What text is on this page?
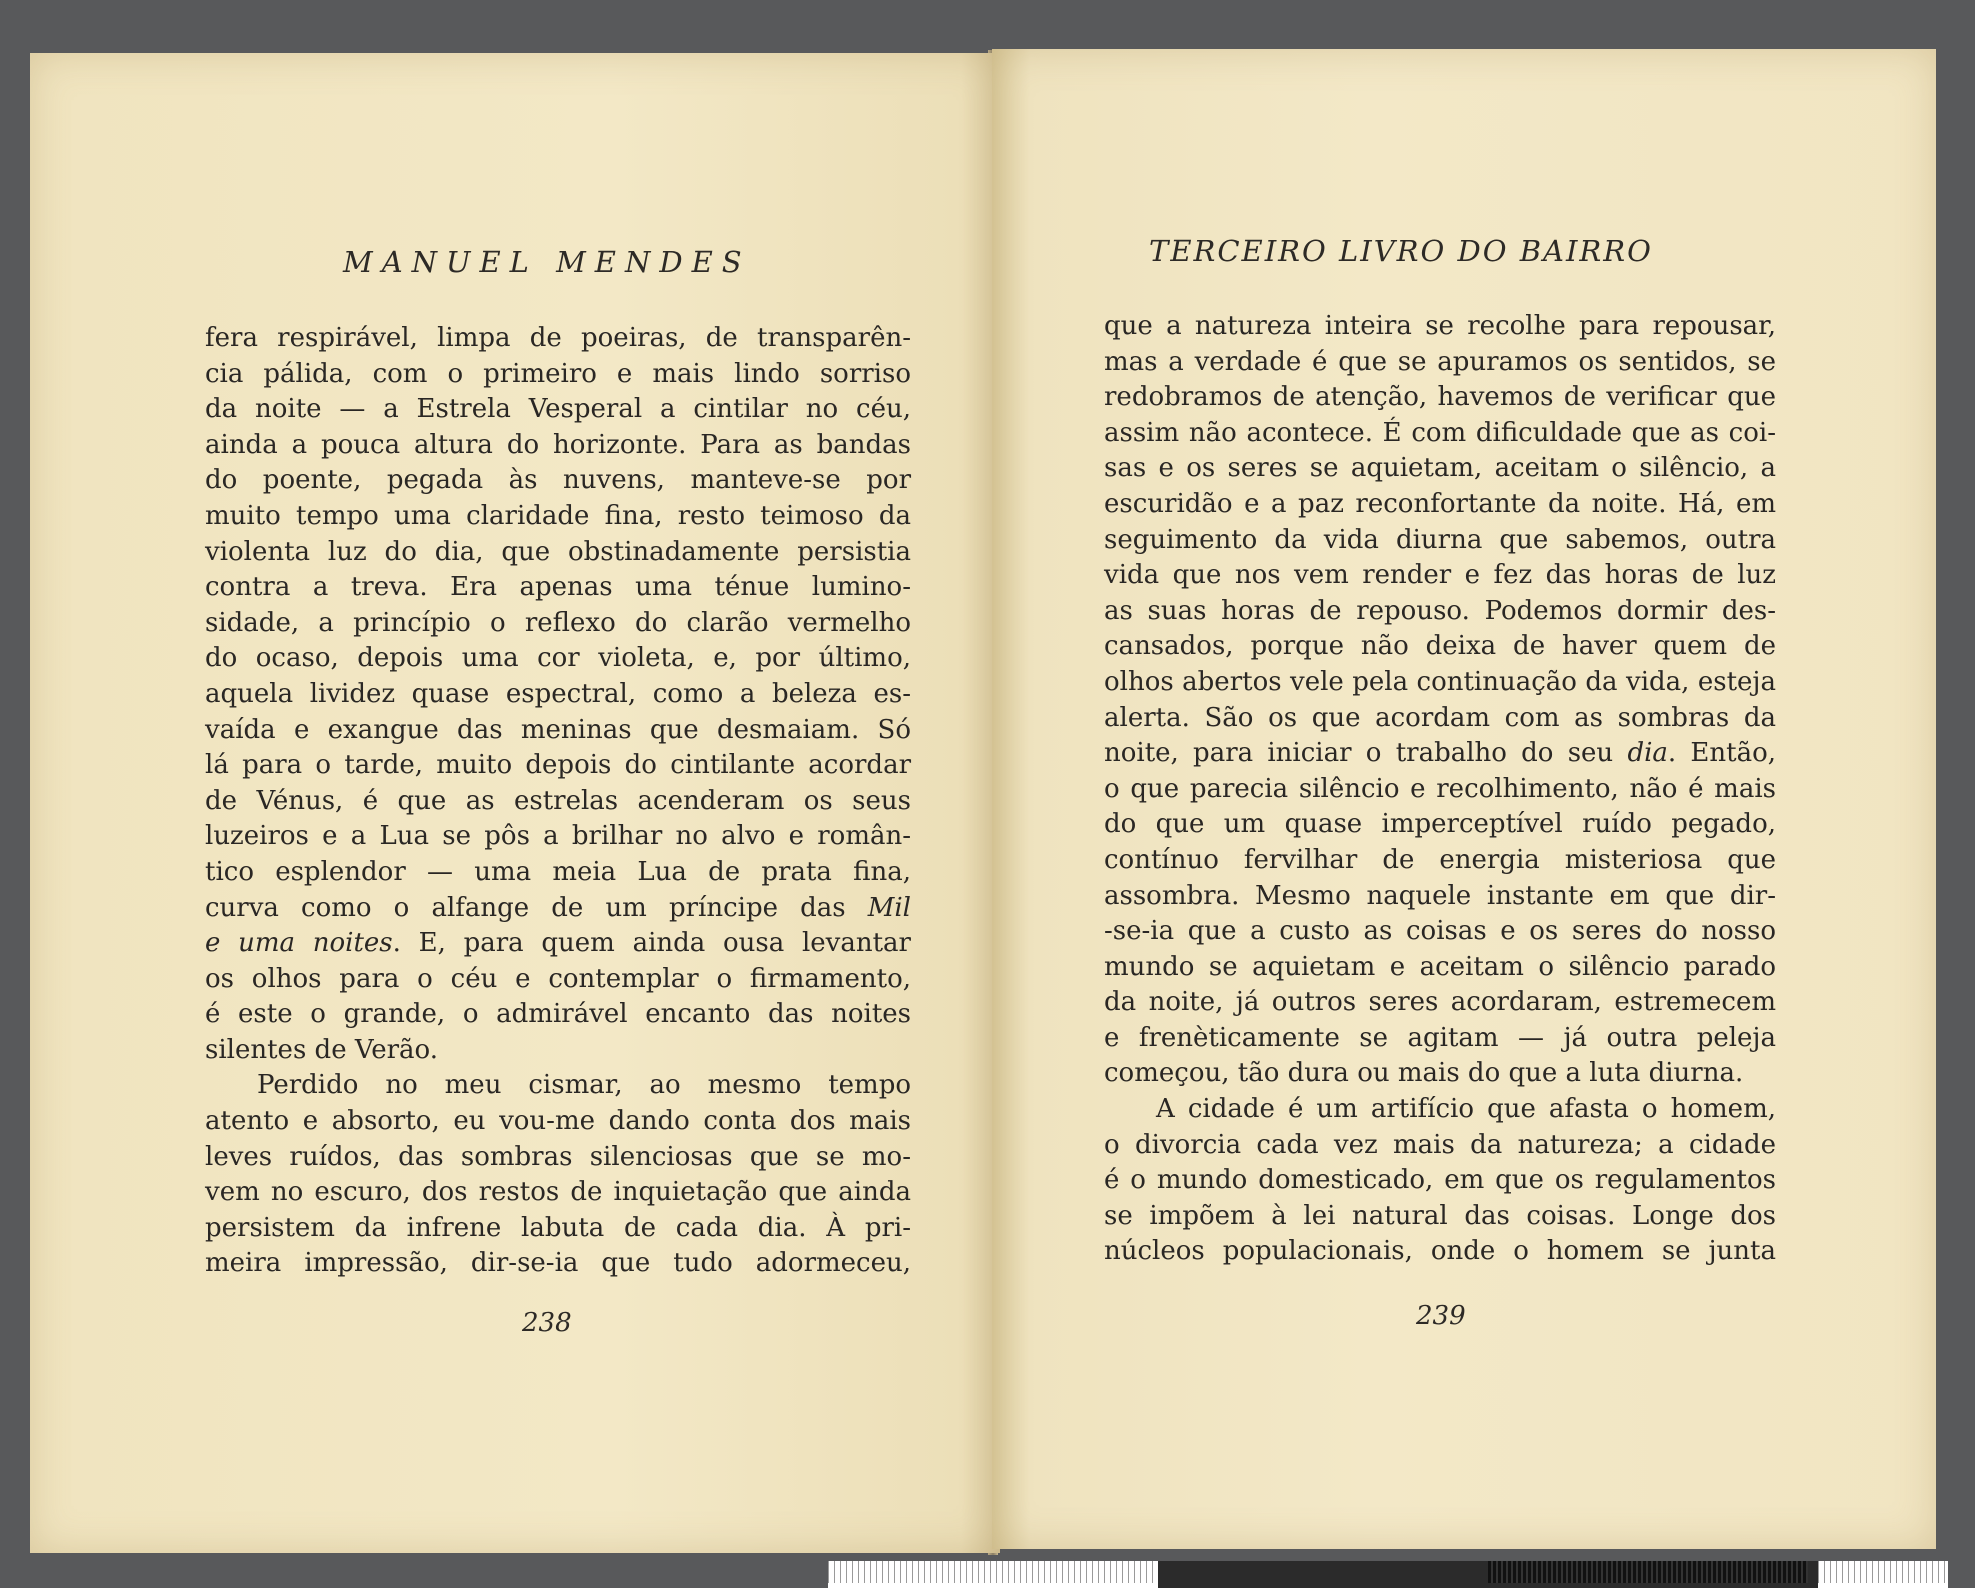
MANUEL MENDES
fera respirável, limpa de poeiras, de transparên-
cia pálida, com o primeiro e mais lindo sorriso
da noite — a Estrela Vesperal a cintilar no céu,
ainda a pouca altura do horizonte. Para as bandas
do poente, pegada às nuvens, manteve-se por
muito tempo uma claridade fina, resto teimoso da
violenta luz do dia, que obstinadamente persistia
contra a treva. Era apenas uma ténue lumino-
sidade, a princípio o reflexo do clarão vermelho
do ocaso, depois uma cor violeta, e, por último,
aquela lividez quase espectral, como a beleza es-
vaída e exangue das meninas que desmaiam. Só
lá para o tarde, muito depois do cintilante acordar
de Vénus, é que as estrelas acenderam os seus
luzeiros e a Lua se pôs a brilhar no alvo e român-
tico esplendor — uma meia Lua de prata fina,
curva como o alfange de um príncipe das Mil
e uma noites. E, para quem ainda ousa levantar
os olhos para o céu e contemplar o firmamento,
é este o grande, o admirável encanto das noites
silentes de Verão.
Perdido no meu cismar, ao mesmo tempo
atento e absorto, eu vou-me dando conta dos mais
leves ruídos, das sombras silenciosas que se mo-
vem no escuro, dos restos de inquietação que ainda
persistem da infrene labuta de cada dia. À pri-
meira impressão, dir-se-ia que tudo adormeceu,
238
TERCEIRO LIVRO DO BAIRRO
que a natureza inteira se recolhe para repousar,
mas a verdade é que se apuramos os sentidos, se
redobramos de atenção, havemos de verificar que
assim não acontece. É com dificuldade que as coi-
sas e os seres se aquietam, aceitam o silêncio, a
escuridão e a paz reconfortante da noite. Há, em
seguimento da vida diurna que sabemos, outra
vida que nos vem render e fez das horas de luz
as suas horas de repouso. Podemos dormir des-
cansados, porque não deixa de haver quem de
olhos abertos vele pela continuação da vida, esteja
alerta. São os que acordam com as sombras da
noite, para iniciar o trabalho do seu dia. Então,
o que parecia silêncio e recolhimento, não é mais
do que um quase imperceptível ruído pegado,
contínuo fervilhar de energia misteriosa que
assombra. Mesmo naquele instante em que dir-
-se-ia que a custo as coisas e os seres do nosso
mundo se aquietam e aceitam o silêncio parado
da noite, já outros seres acordaram, estremecem
e frenèticamente se agitam — já outra peleja
começou, tão dura ou mais do que a luta diurna.
A cidade é um artifício que afasta o homem,
o divorcia cada vez mais da natureza; a cidade
é o mundo domesticado, em que os regulamentos
se impõem à lei natural das coisas. Longe dos
núcleos populacionais, onde o homem se junta
239
